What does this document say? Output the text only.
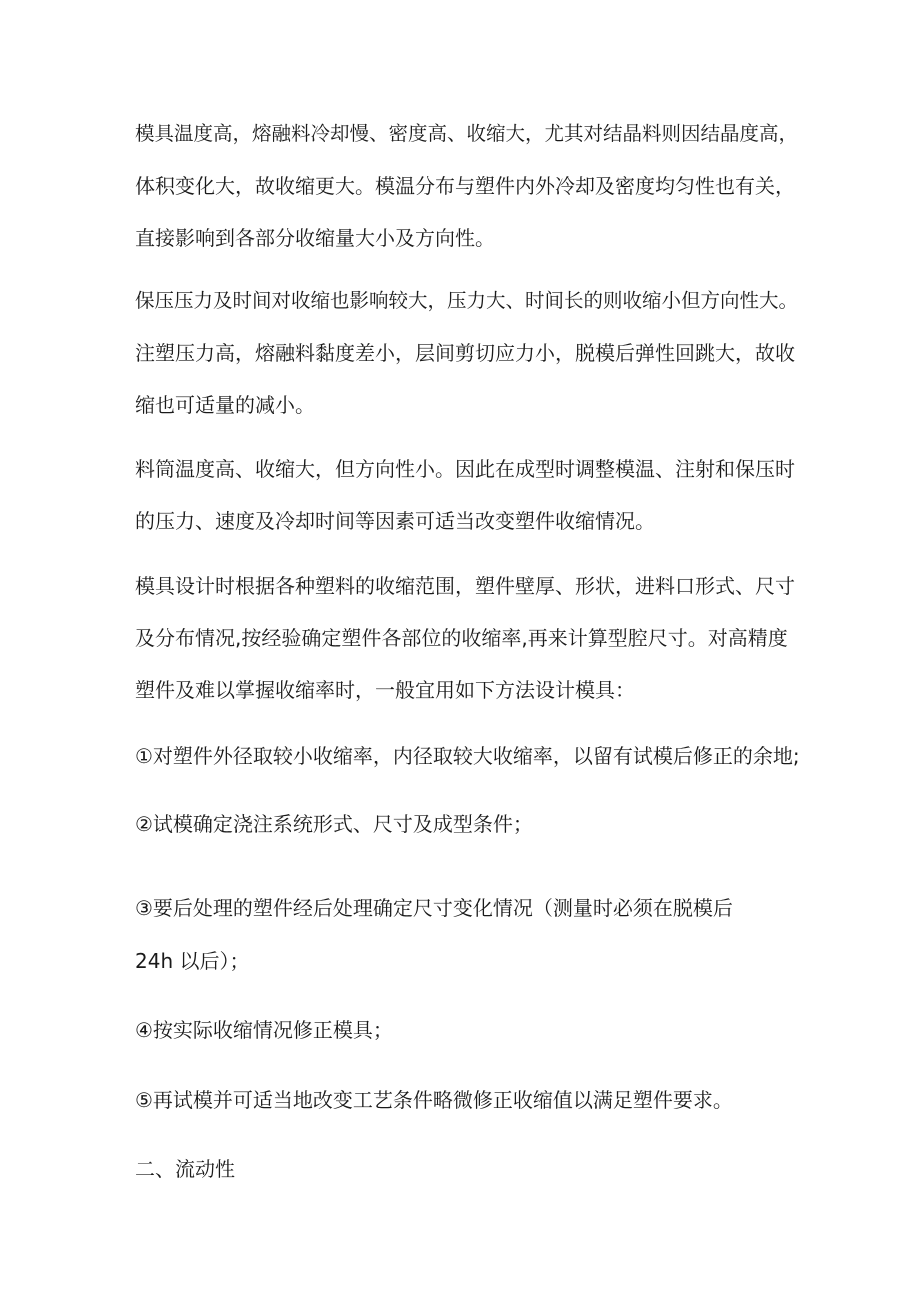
模具温度高，熔融料冷却慢、密度高、收缩大，尤其对结晶料则因结晶度高，
体积变化大，故收缩更大。模温分布与塑件内外冷却及密度均匀性也有关，
直接影响到各部分收缩量大小及方向性。
保压压力及时间对收缩也影响较大，压力大、时间长的则收缩小但方向性大。
注塑压力高，熔融料黏度差小，层间剪切应力小，脱模后弹性回跳大，故收
缩也可适量的减小。
料筒温度高、收缩大，但方向性小。因此在成型时调整模温、注射和保压时
的压力、速度及冷却时间等因素可适当改变塑件收缩情况。
模具设计时根据各种塑料的收缩范围，塑件壁厚、形状，进料口形式、尺寸
及分布情况,按经验确定塑件各部位的收缩率,再来计算型腔尺寸。对高精度
塑件及难以掌握收缩率时，一般宜用如下方法设计模具：
①对塑件外径取较小收缩率，内径取较大收缩率，以留有试模后修正的余地;
②试模确定浇注系统形式、尺寸及成型条件；
③要后处理的塑件经后处理确定尺寸变化情况（测量时必须在脱模后
24h 以后）；
④按实际收缩情况修正模具；
⑤再试模并可适当地改变工艺条件略微修正收缩值以满足塑件要求。
二、流动性
